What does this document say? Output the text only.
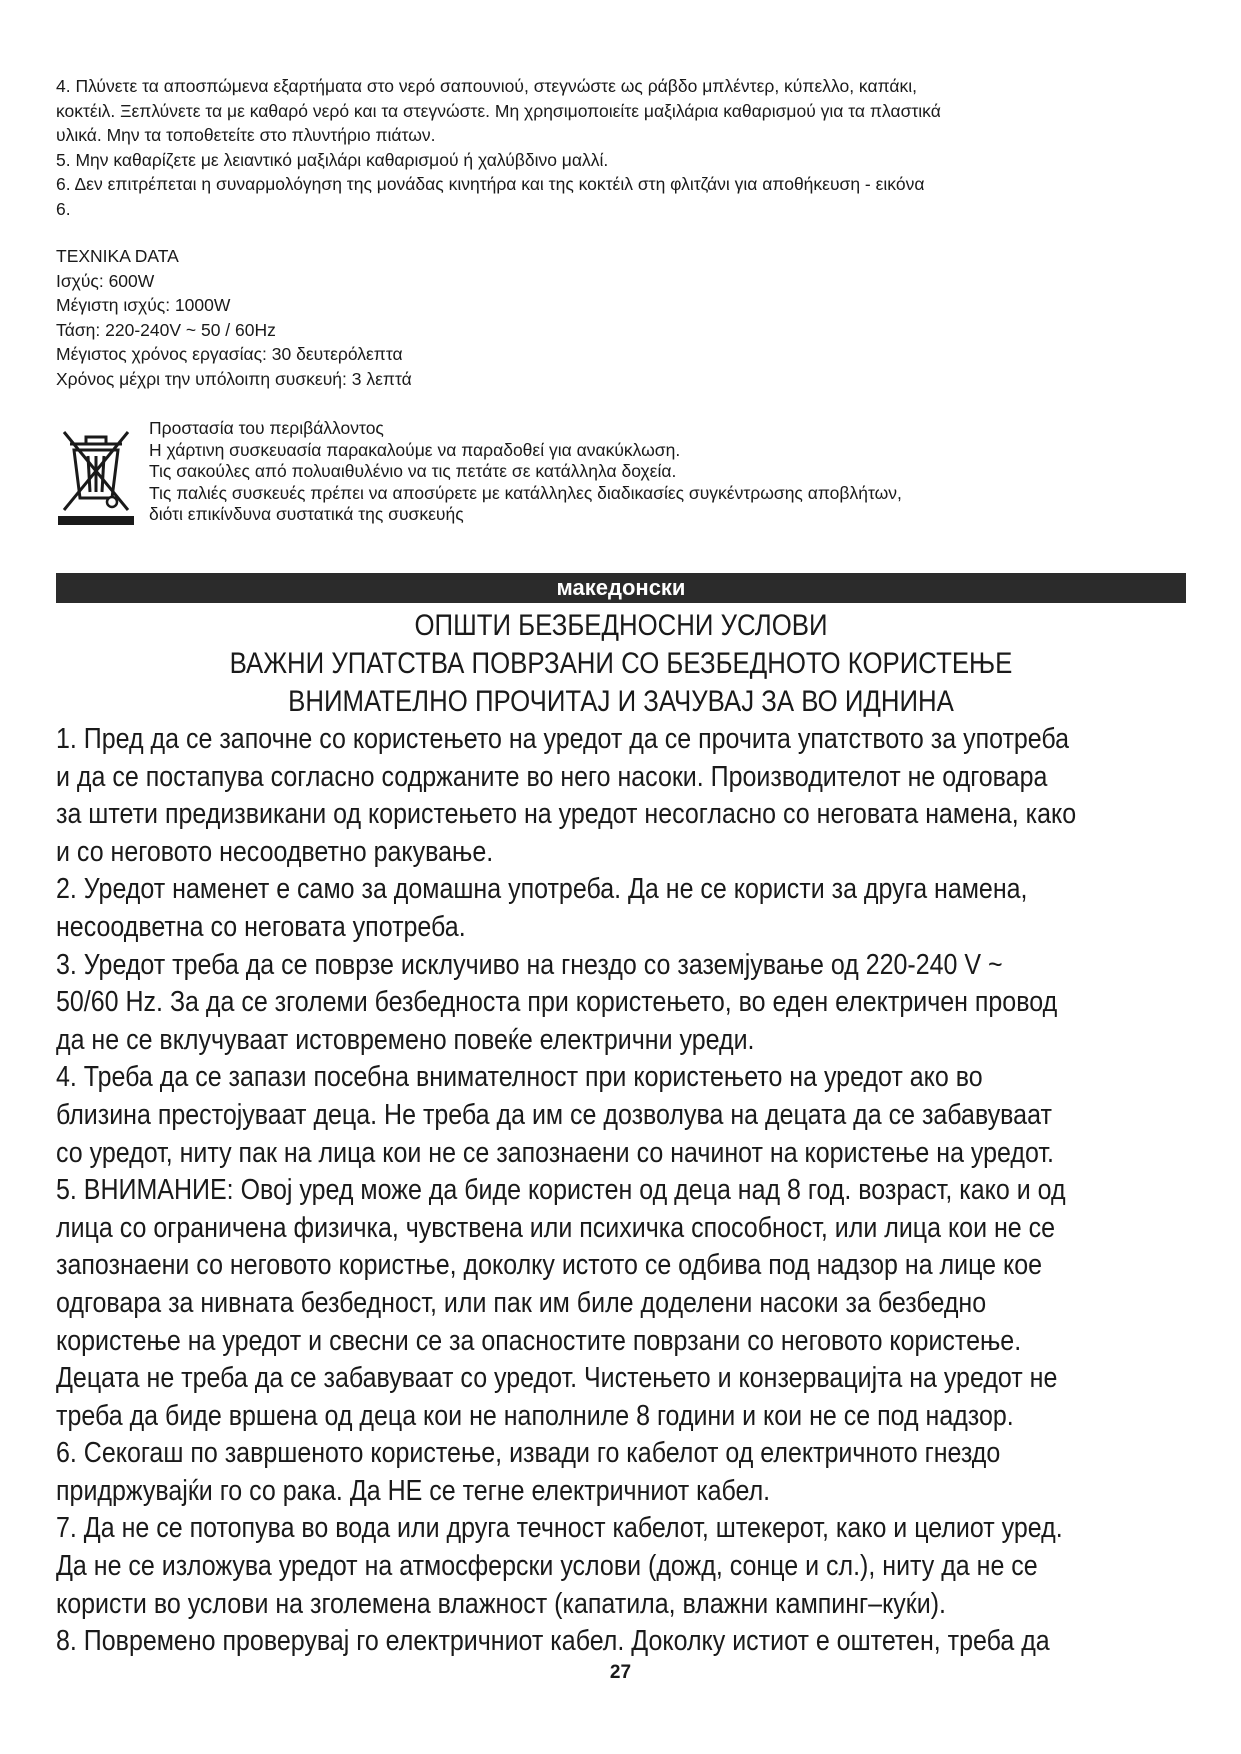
4. Πλύνετε τα αποσπώμενα εξαρτήματα στο νερό σαπουνιού, στεγνώστε ως ράβδο μπλέντερ, κύπελλο, καπάκι,

κοκτέιλ. Ξεπλύνετε τα με καθαρό νερό και τα στεγνώστε. Μη χρησιμοποιείτε μαξιλάρια καθαρισμού για τα πλαστικά

υλικά. Μην τα τοποθετείτε στο πλυντήριο πιάτων.

5. Μην καθαρίζετε με λειαντικό μαξιλάρι καθαρισμού ή χαλύβδινο μαλλί.

6. Δεν επιτρέπεται η συναρμολόγηση της μονάδας κινητήρα και της κοκτέιλ στη φλιτζάνι για αποθήκευση - εικόνα

6.

TEXNIKA DATA

Ισχύς: 600W

Μέγιστη ισχύς: 1000W

Τάση: 220-240V ~ 50 / 60Hz

Μέγιστος χρόνος εργασίας: 30 δευτερόλεπτα

Χρόνος μέχρι την υπόλοιπη συσκευή: 3 λεπτά

Προστασία του περιβάλλοντος

Η χάρτινη συσκευασία παρακαλούμε να παραδοθεί για ανακύκλωση.

Τις σακούλες από πολυαιθυλένιο να τις πετάτε σε κατάλληλα δοχεία.

Τις παλιές συσκευές πρέπει να αποσύρετε με κατάλληλες διαδικασίες συγκέντρωσης αποβλήτων,

διότι επικίνδυνα συστατικά της συσκευής

македонски
ОПШТИ БЕЗБЕДНОСНИ УСЛОВИ
ВАЖНИ УПАТСТВА ПОВРЗАНИ СО БЕЗБЕДНОТО КОРИСТЕЊЕ
ВНИМАТЕЛНО ПРОЧИТАЈ И ЗАЧУВАЈ ЗА ВО ИДНИНА

1. Пред да се започне со користењето на уредот да се прочита упатството за употреба

и да се постапува согласно содржаните во него насоки. Производителот не одговара

за штети предизвикани од користењето на уредот несогласно со неговата намена, како

и со неговото несоодветно ракување.

2. Уредот наменет е само за домашна употреба. Да не се користи за друга намена,

несоодветна со неговата употреба.

3. Уредот треба да се поврзе исклучиво на гнездо со заземјување од 220-240 V ~

50/60 Hz. За да се зголеми безбедноста при користењето, во еден електричен провод

да не се вклучуваат истовремено повеќе електрични уреди.

4. Треба да се запази посебна внимателност при користењето на уредот ако во

близина престојуваат деца. Не треба да им се дозволува на децата да се забавуваат

со уредот, ниту пак на лица кои не се запознаени со начинот на користење на уредот.

5. ВНИМАНИЕ: Овој уред може да биде користен од деца над 8 год. возраст, како и од

лица со ограничена физичка, чувствена или психичка способност, или лица кои не се

запознаени со неговото користње, доколку истото се одбива под надзор на лице кое

одговара за нивната безбедност, или пак им биле доделени насоки за безбедно

користење на уредот и свесни се за опасностите поврзани со неговото користење.

Децата не треба да се забавуваат со уредот. Чистењето и конзервацијта на уредот не

треба да биде вршена од деца кои не наполниле 8 години и кои не се под надзор.

6. Секогаш по завршеното користење, извади го кабелот од електричното гнездо

придржувајќи го со рака. Да НЕ се тегне електричниот кабел.

7. Да не се потопува во вода или друга течност кабелот, штекерот, како и целиот уред.

Да не се изложува уредот на атмосферски услови (дожд, сонце и сл.), ниту да не се

користи во услови на зголемена влажност (капатила, влажни кампинг–куќи).

8. Повремено проверувај го електричниот кабел. Доколку истиот е оштетен, треба да

27
